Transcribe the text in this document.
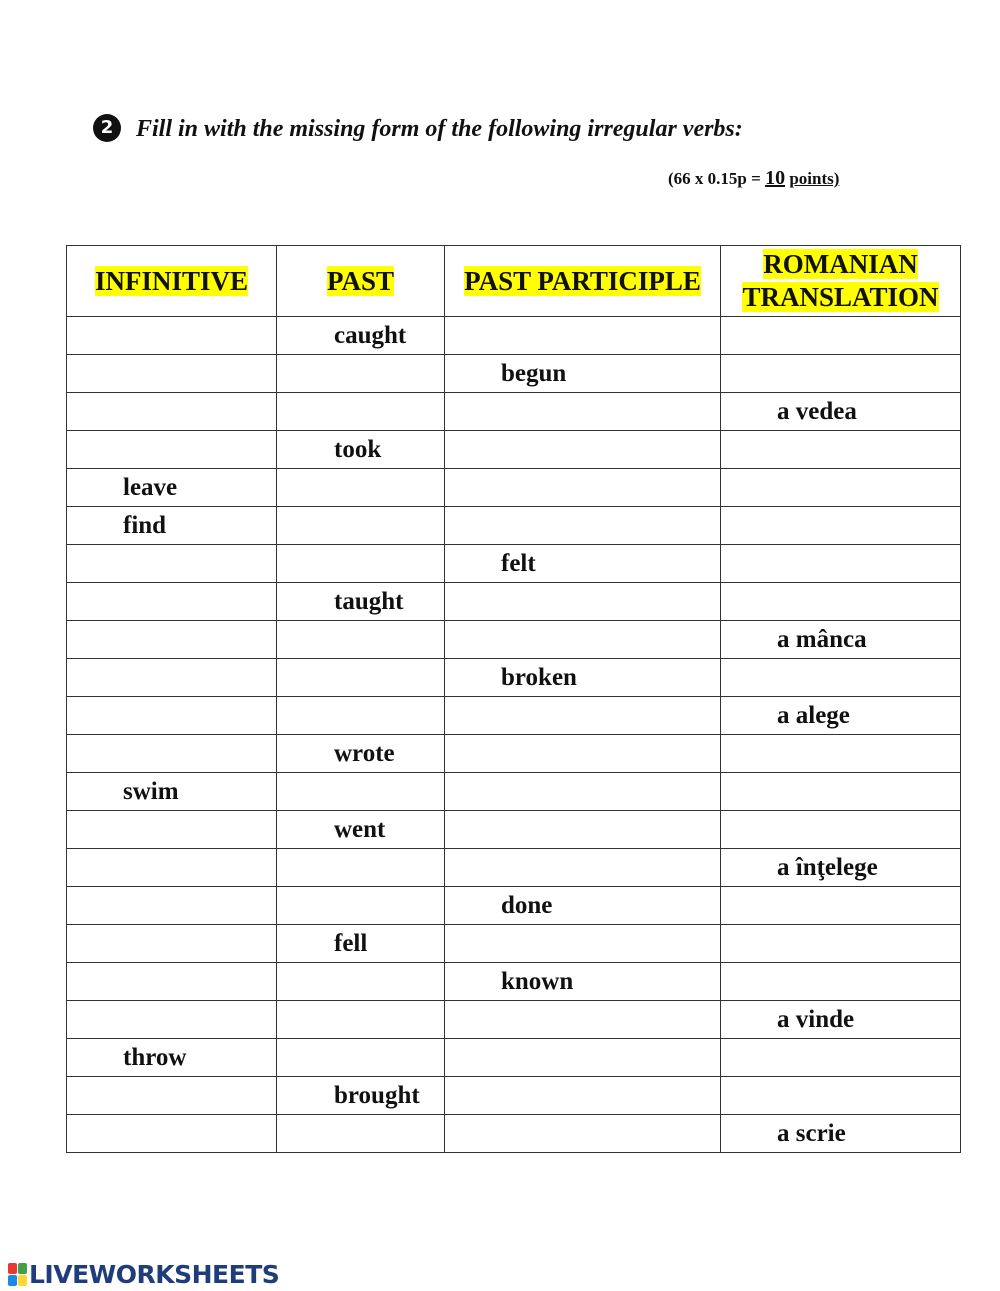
2 Fill in with the missing form of the following irregular verbs:
(66 x 0.15p = 10 points)
INFINITIVE	PAST	PAST PARTICIPLE	ROMANIAN
TRANSLATION
	caught		
		begun	
			a vedea
	took		
leave			
find			
		felt	
	taught		
			a mânca
		broken	
			a alege
	wrote		
swim			
	went		
			a înţelege
		done	
	fell		
		known	
			a vinde
throw			
	brought		
			a scrie
LIVEWORKSHEETS
